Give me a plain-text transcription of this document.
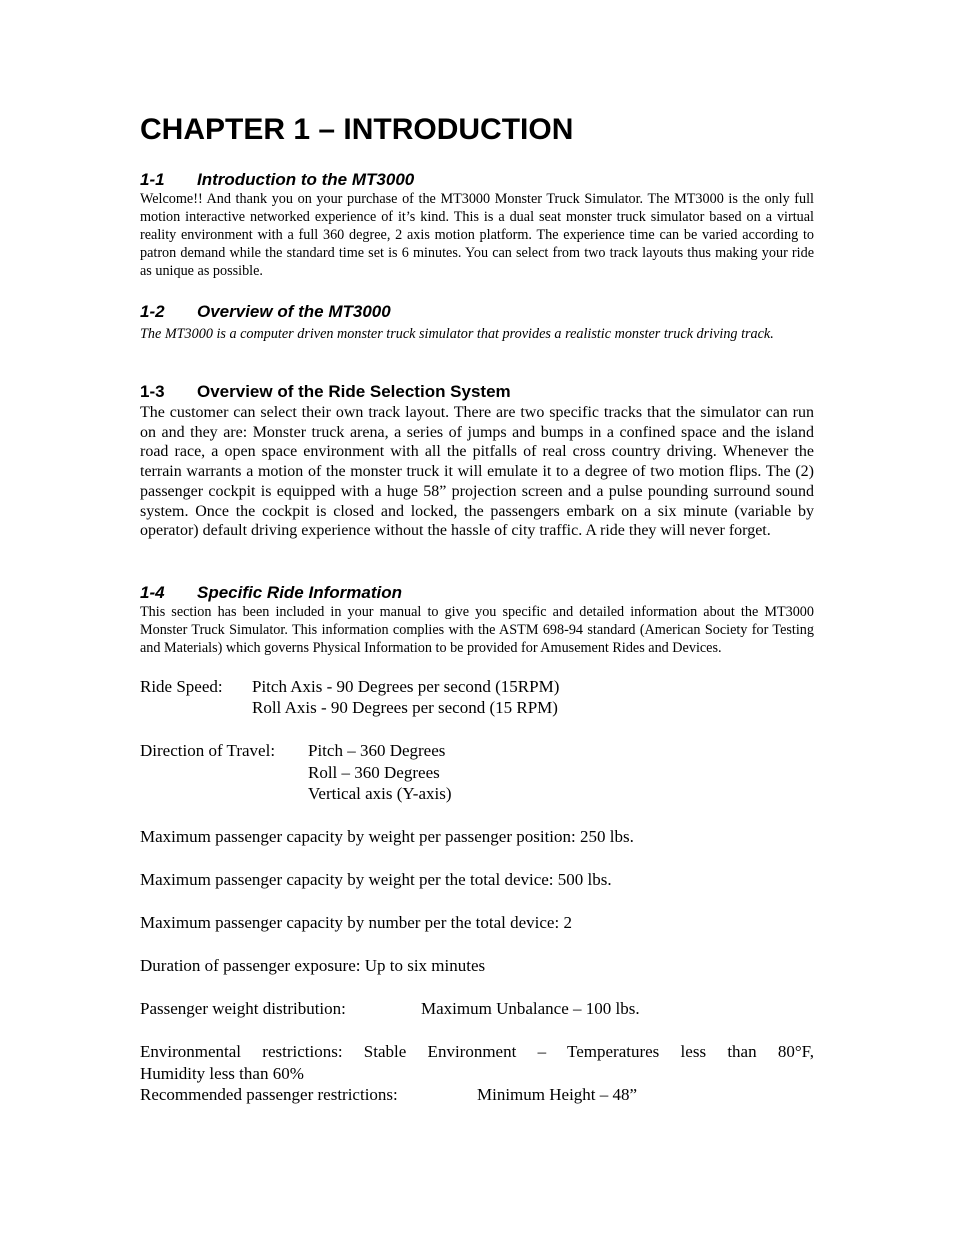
CHAPTER 1 – INTRODUCTION
1-1 Introduction to the MT3000

Welcome!! And thank you on your purchase of the MT3000 Monster Truck Simulator. The MT3000 is the only full motion interactive networked experience of it’s kind. This is a dual seat monster truck simulator based on a virtual reality environment with a full 360 degree, 2 axis motion platform. The experience time can be varied according to patron demand while the standard time set is 6 minutes. You can select from two track layouts thus making your ride as unique as possible.

1-2 Overview of the MT3000

The MT3000 is a computer driven monster truck simulator that provides a realistic monster truck driving track.

1-3 Overview of the Ride Selection System

The customer can select their own track layout. There are two specific tracks that the simulator can run on and they are: Monster truck arena, a series of jumps and bumps in a confined space and the island road race, a open space environment with all the pitfalls of real cross country driving. Whenever the terrain warrants a motion of the monster truck it will emulate it to a degree of two motion flips. The (2) passenger cockpit is equipped with a huge 58” projection screen and a pulse pounding surround sound system. Once the cockpit is closed and locked, the passengers embark on a six minute (variable by operator) default driving experience without the hassle of city traffic. A ride they will never forget.

1-4 Specific Ride Information

This section has been included in your manual to give you specific and detailed information about the MT3000 Monster Truck Simulator. This information complies with the ASTM 698-94 standard (American Society for Testing and Materials) which governs Physical Information to be provided for Amusement Rides and Devices.

Ride Speed: Pitch Axis - 90 Degrees per second (15RPM)
Roll Axis - 90 Degrees per second (15 RPM)
Direction of Travel: Pitch – 360 Degrees
Roll – 360 Degrees
Vertical axis (Y-axis)
Maximum passenger capacity by weight per passenger position: 250 lbs.
Maximum passenger capacity by weight per the total device: 500 lbs.
Maximum passenger capacity by number per the total device: 2
Duration of passenger exposure: Up to six minutes
Passenger weight distribution:	Maximum Unbalance – 100 lbs.
Environmental restrictions: Stable Environment – Temperatures less than 80°F,
Humidity less than 60%
Recommended passenger restrictions:	Minimum Height – 48”
